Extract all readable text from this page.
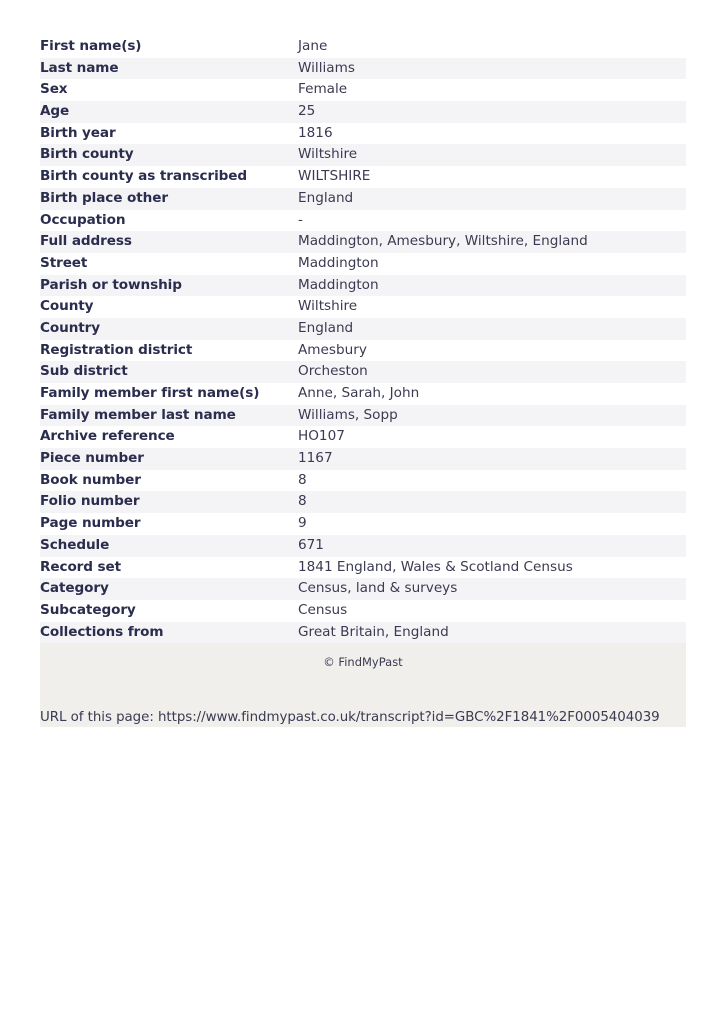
First name(s)	Jane
Last name	Williams
Sex	Female
Age	25
Birth year	1816
Birth county	Wiltshire
Birth county as transcribed	WILTSHIRE
Birth place other	England
Occupation	-
Full address	Maddington, Amesbury, Wiltshire, England
Street	Maddington
Parish or township	Maddington
County	Wiltshire
Country	England
Registration district	Amesbury
Sub district	Orcheston
Family member first name(s)	Anne, Sarah, John
Family member last name	Williams, Sopp
Archive reference	HO107
Piece number	1167
Book number	8
Folio number	8
Page number	9
Schedule	671
Record set	1841 England, Wales & Scotland Census
Category	Census, land & surveys
Subcategory	Census
Collections from	Great Britain, England
© FindMyPast
URL of this page: https://www.findmypast.co.uk/transcript?id=GBC%2F1841%2F0005404039
